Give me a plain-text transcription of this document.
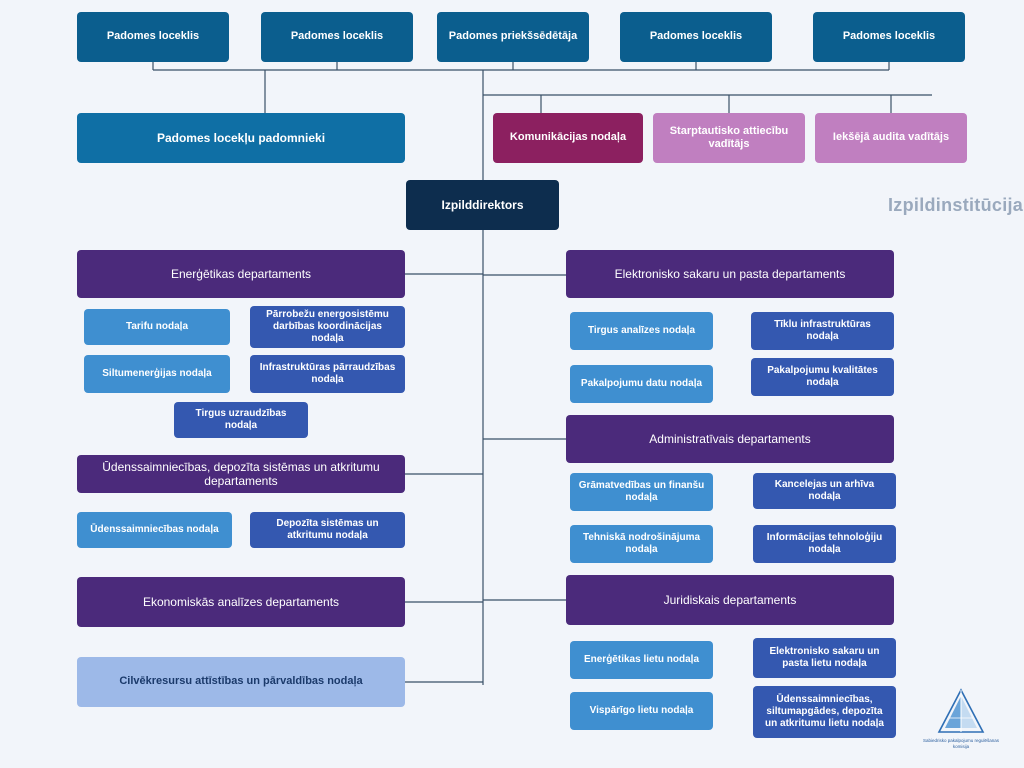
Izpildinstitūcija
Padomes loceklis	Padomes loceklis	Padomes priekšsēdētāja	Padomes loceklis	Padomes loceklis
Padomes locekļu padomnieki	Komunikācijas nodaļa
Starptautisko attiecību vadītājs
Iekšējā audita vadītājs
Izpilddirektors
Enerģētikas departaments
Tarifu nodaļa
Pārrobežu energosistēmu darbības koordinācijas nodaļa
Siltumenerģijas nodaļa
Infrastruktūras pārraudzības nodaļa
Tirgus uzraudzības nodaļa
Ūdenssaimniecības, depozīta sistēmas un atkritumu departaments
Ūdenssaimniecības nodaļa
Depozīta sistēmas un atkritumu nodaļa
Ekonomiskās analīzes departaments
Cilvēkresursu attīstības un pārvaldības nodaļa
Elektronisko sakaru un pasta departaments
Tirgus analīzes nodaļa
Tīklu infrastruktūras nodaļa
Pakalpojumu datu nodaļa
Pakalpojumu kvalitātes nodaļa
Administratīvais departaments
Grāmatvedības un finanšu nodaļa
Kancelejas un arhīva nodaļa
Tehniskā nodrošinājuma nodaļa
Informācijas tehnoloģiju nodaļa
Juridiskais departaments
Enerģētikas lietu nodaļa
Elektronisko sakaru un pasta lietu nodaļa
Vispārīgo lietu nodaļa
Ūdenssaimniecības, siltumapgādes, depozīta un atkritumu lietu nodaļa
Sabiedrisko pakalpojumu regulēšanas komisija
